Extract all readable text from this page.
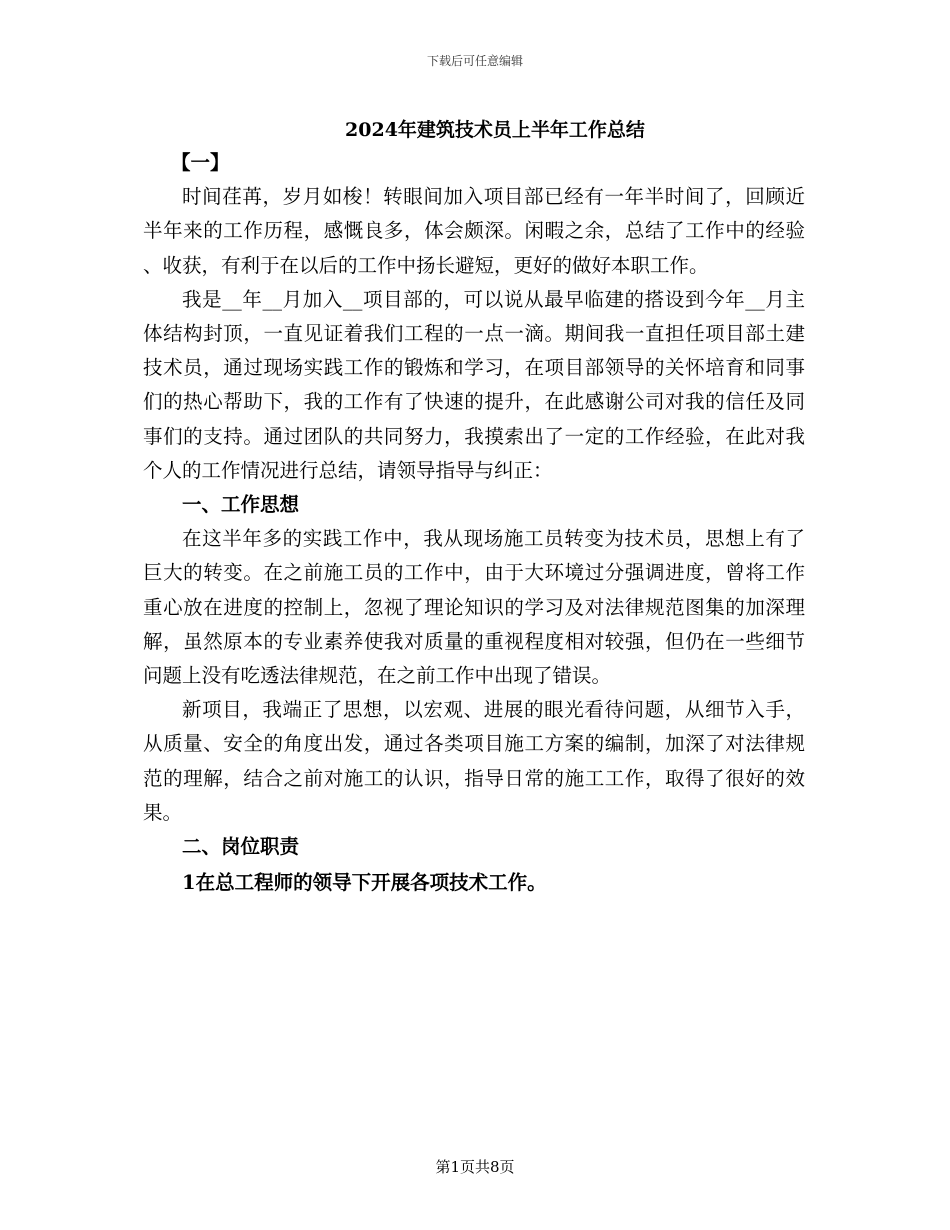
下载后可任意编辑
2024年建筑技术员上半年工作总结
【一】

时间荏苒，岁月如梭！转眼间加入项目部已经有一年半时间了，回顾近半年来的工作历程，感慨良多，体会颇深。闲暇之余，总结了工作中的经验、收获，有利于在以后的工作中扬长避短，更好的做好本职工作。

我是__年__月加入__项目部的，可以说从最早临建的搭设到今年__月主体结构封顶，一直见证着我们工程的一点一滴。期间我一直担任项目部土建技术员，通过现场实践工作的锻炼和学习，在项目部领导的关怀培育和同事们的热心帮助下，我的工作有了快速的提升，在此感谢公司对我的信任及同事们的支持。通过团队的共同努力，我摸索出了一定的工作经验，在此对我个人的工作情况进行总结，请领导指导与纠正：

一、工作思想

在这半年多的实践工作中，我从现场施工员转变为技术员，思想上有了巨大的转变。在之前施工员的工作中，由于大环境过分强调进度，曾将工作重心放在进度的控制上，忽视了理论知识的学习及对法律规范图集的加深理解，虽然原本的专业素养使我对质量的重视程度相对较强，但仍在一些细节问题上没有吃透法律规范，在之前工作中出现了错误。

新项目，我端正了思想，以宏观、进展的眼光看待问题，从细节入手，从质量、安全的角度出发，通过各类项目施工方案的编制，加深了对法律规范的理解，结合之前对施工的认识，指导日常的施工工作，取得了很好的效果。

二、岗位职责
1在总工程师的领导下开展各项技术工作。
第1页共8页
